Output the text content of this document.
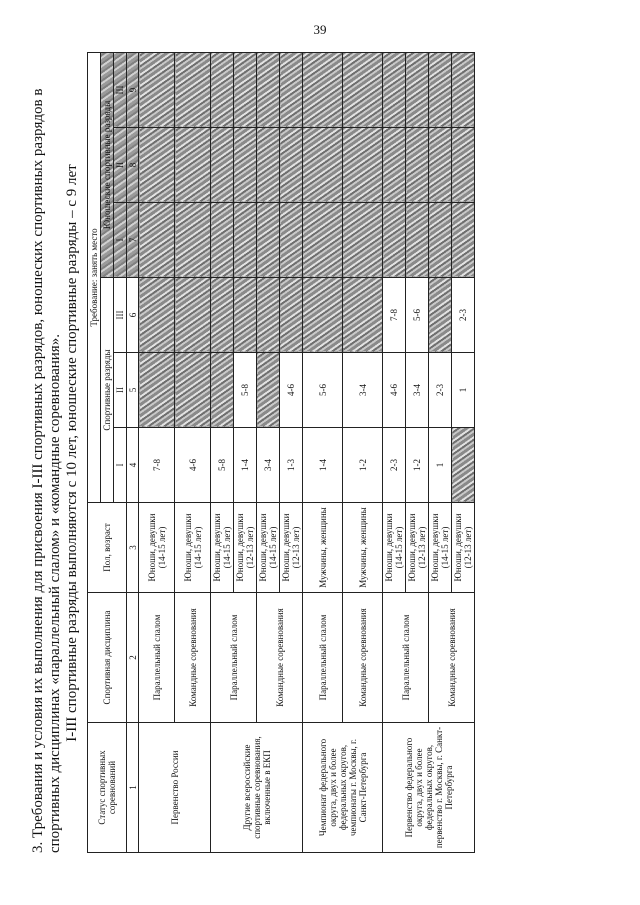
39
3. Требования и условия их выполнения для присвоения I-III спортивных разрядов, юношеских спортивных разрядов в спортивных дисциплинах «параллельный слалом» и «командные соревнования». I-III спортивные разряды выполняются с 10 лет, юношеские спортивные разряды – с 9 лет
Статус спортивных соревнований	Спортивная дисциплина	Пол, возраст	Требование: занять место					
			Спортивные разряды			Юношеские спортивные разряды		
			I	II	III	I	II	III
1	2	3	4	5	6	7	8	9
Первенство России	Параллельный слалом	Юноши, девушки (14-15 лет)	7-8					
	Командные соревнования	Юноши, девушки (14-15 лет)	4-6					
Другие всероссийские спортивные соревнования, включенные в ЕКП	Параллельный слалом	Юноши, девушки (14-15 лет)	5-8					
		Юноши, девушки (12-13 лет)	1-4	5-8				
	Командные соревнования	Юноши, девушки (14-15 лет)	3-4					
		Юноши, девушки (12-13 лет)	1-3	4-6				
Чемпионат федерального округа, двух и более федеральных округов, чемпионаты г. Москвы, г. Санкт-Петербурга	Параллельный слалом	Мужчины, женщины	1-4	5-6				
	Командные соревнования	Мужчины, женщины	1-2	3-4				
Первенство федерального округа, двух и более федеральных округов, первенство г. Москвы, г. Санкт-Петербурга	Параллельный слалом	Юноши, девушки (14-15 лет)	2-3	4-6	7-8			
		Юноши, девушки (12-13 лет)	1-2	3-4	5-6			
	Командные соревнования	Юноши, девушки (14-15 лет)	1	2-3				
		Юноши, девушки (12-13 лет)		1	2-3			
